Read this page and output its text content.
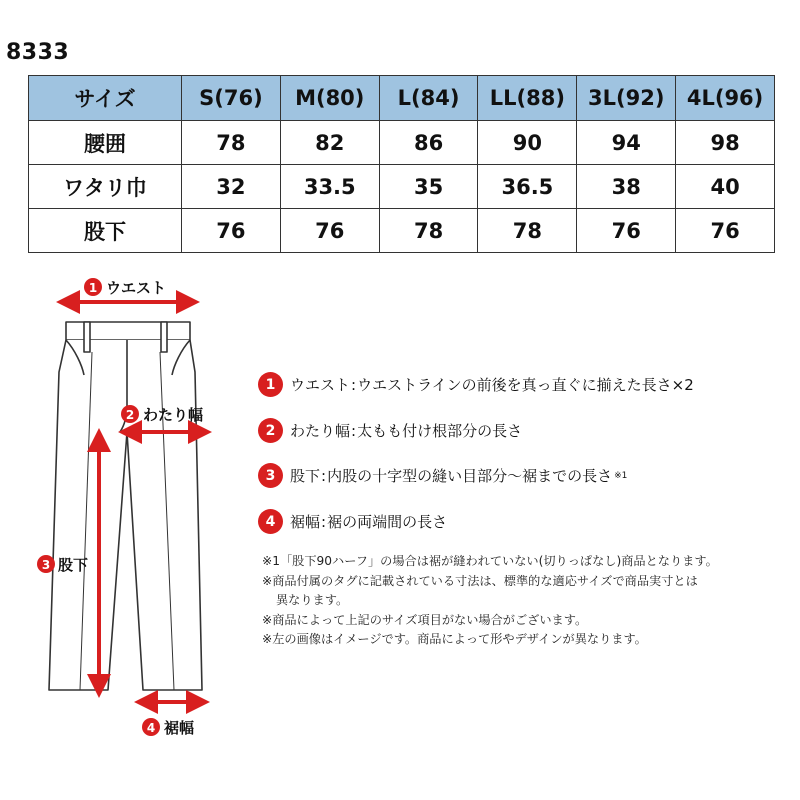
8333
サイズ	S(76)	M(80)	L(84)	LL(88)	3L(92)	4L(96)
腰囲	78	82	86	90	94	98
ワタリ巾	32	33.5	35	36.5	38	40
股下	76	76	78	78	76	76
1 ウエスト
2 わたり幅
3 股下
4 裾幅
1 ウエスト : ウエストラインの前後を真っ直ぐに揃えた長さ×2
2 わたり幅 : 太もも付け根部分の長さ
3 股下 : 内股の十字型の縫い目部分～裾までの長さ ※1
4 裾幅 : 裾の両端間の長さ
※1「股下90ハーフ」の場合は裾が縫われていない(切りっぱなし)商品となります。
※商品付属のタグに記載されている寸法は、標準的な適応サイズで商品実寸とは
異なります。
※商品によって上記のサイズ項目がない場合がございます。
※左の画像はイメージです。商品によって形やデザインが異なります。
